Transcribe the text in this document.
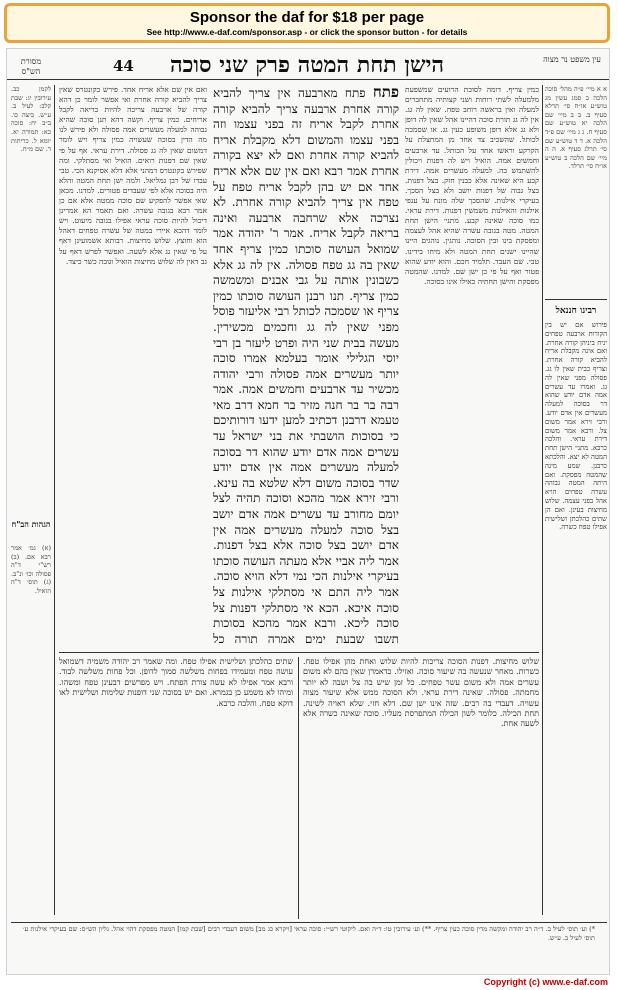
Sponsor the daf for $18 per page
See http://www.e-daf.com/sponsor.asp - or click the sponsor button - for details
מסורת הש"ס	44	הישן תחת המטה פרק שני סוכה	עין משפט נר מצוה
לקמן כב. עירובין יג: שבת קלב: לעיל ב. ע״ש. ביצה כו. ב״ב יח: סוכה כא: תמורה יא. יומא ל. כריתות ד. שם מ״ח.
הגהות הב"ח
(א) גמ׳ אמר רבא אם. (ב) רש"י ד"ה פסולה וכו׳ ונ"ב. (ג) תוס׳ ד"ה הואיל.
ואם אין שם אלא אריח אחד. פירש בקונטרס שאין צריך להביא קורה אחרת ואי אפשר לומר כן דהא קורה של ארבעה צריכה להיות בריאה לקבל אריחים. כמין צריף. וקשה דהא תנן סוכה שהיא גבוהה למעלה מעשרים אמה פסולה ולא פירש לנו מה הדין בסוכה שעשויה כמין צריף ויש לומר דמשום שאין לה גג פסולה. דירת עראי. אף על פי שאין שם דפנות רואים. הואיל ואי מסתלקי. ומה שפירש בקונטרס דמהני אלא דלא אסיקנא הכי. טבי עבדו של רבן גמליאל. ולמה ישן תחת המטה והלא היה בסוכה אלא לפי שעבדים פטורים. למדנו. מכאן שאי אפשר להפקיע שם סוכה ממטה אלא אם כן אמר רבא בגובה עשרה. ואם תאמר הא אמרינן דיכול להיות סוכה עראי אפילו בגובה מיעוט. ויש לומר דהכא איירי במטה של עשרה טפחים דאהל הוא וחוצץ. שלוש מחיצות. רבותא אשמועינן דאף על פי שאין גג אלא לשעה. ואפשר לפרש דאף על גב דאין לה שלוש מחיצות הואיל וגובה כשר כיצד.
פתח פתח מארבעה אין צריך להביא קורה אחרת ארבעה צריך להביא קורה אחרת לקבל אריח זה בפני עצמו וזה בפני עצמו והמשום דלא מקבלת אריח להביא קורה אחרת ואם לא יצא בקורה אחרת אמר רבא ואם אין שם אלא אריח אחד אם יש בהן לקבל אריח טפח על טפח אין צריך להביא קורה אחרת. לא נצרכה אלא שרחבה ארבעה ואינה בריאה לקבל אריח. אמר ר' יהודה אמר שמואל העושה סוכתו כמין צריף אחד שאין בה גג טפח פסולה. אין לה גג אלא כשבונין אותה על גבי אבנים ומשמשה כמין צריף. תנו רבנן העושה סוכתו כמין צריף או שסמכה לכותל רבי אליעזר פוסל מפני שאין לה גג וחכמים מכשירין. מעשה בבית שני היה ופרט ליעזר בן רבי יוסי הגלילי אומר בעלמא אמרו סוכה יותר מעשרים אמה פסולה ורבי יהודה מכשיר עד ארבעים וחמשים אמה. אמר רבה בר בר חנה מזיר בר חמא דרב מאי טעמא דרבנן דכתיב למען ידעו דורותיכם כי בסוכות הושבתי את בני ישראל עד עשרים אמה אדם יודע שהוא דר בסוכה למעלה מעשרים אמה אין אדם יודע שדר בסוכה משום דלא שלטא בה עינא. ורבי זירא אמר מהכא וסוכה תהיה לצל יומם מחורב עד עשרים אמה אדם יושב בצל סוכה למעלה מעשרים אמה אין אדם יושב בצל סוכה אלא בצל דפנות. אמר ליה אביי אלא מעתה העושה סוכתו בעיקרי אילנות הכי נמי דלא הויא סוכה. אמר ליה התם אי מסתלקי אילנות צל סוכה איכא. הכא אי מסתלקי דפנות צל סוכה ליכא. ורבא אמר מהכא בסוכות תשבו שבעת ימים אמרה תורה כל
כמין צריף. דומה לסוכת הרועים שמשפעת מלמעלה לשתי רוחות ושני קצותיה מתחברים למעלה ואין בראשה רוחב טפח. שאין לה גג. אין לה גג תורת סוכה דהיינו אהל שאין לה דופן ולא גג אלא דופן משופע כעין גג. או שסמכה לכותל. שהשכיב צד אחד מן המחצלת על הקרקע וראשו אחד על הכותל. עד ארבעים וחמשים אמה. הואיל ויש לה דפנות ויכולין להשתמש בה. למעלה מעשרים אמה. דירת קבע היא שאינה אלא כבנין חזק. בצל דפנות. בצל גבוה של דפנות יושב ולא בצל הסכך. בעיקרי אילנות. שהסכך שלה מונח על ענפי אילנות והאילנות משמשין דפנות. דירת עראי. כמו סוכה שאינה קבע. מתני׳ הישן תחת המטה. מטה בגובה עשרה שהיא אהל לעצמה ומפסקת בינו ובין הסוכה. נוהגין. נוהגים היינו שהיינו ישנים תחת המטה ולא מיחו בידינו. טבי. שם העבד. תלמיד חכם. והוא יודע שהוא פטור ואף על פי כן ישן שם. למדנו. שהמטה מפסקת והישן תחתיה כאילו אינו בסוכה.
א א מיי׳ פ״ה מהל׳ סוכה הלכה ב סמג עשין מג טוש״ע או״ח סי׳ תרלא סעיף ב. ב ב מיי׳ שם הלכה יא טוש״ע שם סעיף ח. ג ג מיי׳ שם פ״ד הלכה א. ד ד טוש״ע שם סי׳ תרלג סעיף א. ה ה מיי׳ שם הלכה ב טוש״ע או״ח סי׳ תרלד.
רבינו חננאל
פירוש אם יש בין הקורות ארבעה טפחים יניח ביניהן קורה אחרת. ואם אינה מקבלת אריח להביא קורה אחרת. וצריף כבית שאין לו גג. פסולה מפני שאין לה גג. ואמרו עד עשרים אמה אדם יודע שהוא דר בסוכה למעלה מעשרים אין אדם יודע. ורבי זירא אמר משום צל. ורבא אמר משום דירת עראי. והלכה כרבא. מתני׳ הישן תחת המטה לא יצא. והלכתא כרבנן. שמע מינה שהמטה מפסקת. ואם היתה המטה גבוהה עשרה טפחים הויא אהל בפני עצמה. שלוש מחיצות בעינן. ואם הן שתים כהלכתן ושלישית אפילו טפח כשרה.
שתים כהלכתן ושלישית אפילו טפח. ומה שאמר רב יהודה משמיה דשמואל עושה טפח ומעמידו בפחות משלשה סמוך לדופן. וכל פחות משלשה לבוד. ורבא אמר אפילו לא עשה צורת הפתח. ויש מפרשים דבעינן טפח ומשהו. ומיהו לא משמע כן בגמרא. ואם יש בסוכה שני דופנות שלימות ושלישית לאו דוקא טפח. והלכה כרבא.
שלוש מחיצות. דפנות הסוכה צריכות להיות שלוש ואחת מהן אפילו טפח. כשרות. מאחר שנעשה בה שיעור סוכה. ואזילו. כדאמרן שאין בהם לא משום עשרים אמה ולא משום עשר טפחים. כל זמן שיש בה צל ושבה לא יותר מחמתה. פסולה. שאינה דירת עראי. ולא הסוכה ממש אלא שיעור מצוה עשויה. דעבדי בה רבים. שזה אינו ישן שם. דלא חזי. שלא ראויה לשינה. תחת הכילה. כלומר לשון הכילה המתפרסת מעליו. סוכה שאינה כשרה אלא לשעה אחת.
*) וע׳ תוס׳ לעיל ב. ד״ה רב יהודה ומקשה מדין סוכה כעין צריף. **) וע׳ עירובין טו: ד״ה ואם. ליקוטי רש״י: סוכה עראי [ויקרא כג מב] משום דעבדי רבים [שבת קמו] המטה מפסקת דהוי אהל. גליון הש״ס: שם בעיקרי אילנות ע׳ תוס׳ לעיל ב. ע״ש.
Copyright (c) www.e-daf.com
